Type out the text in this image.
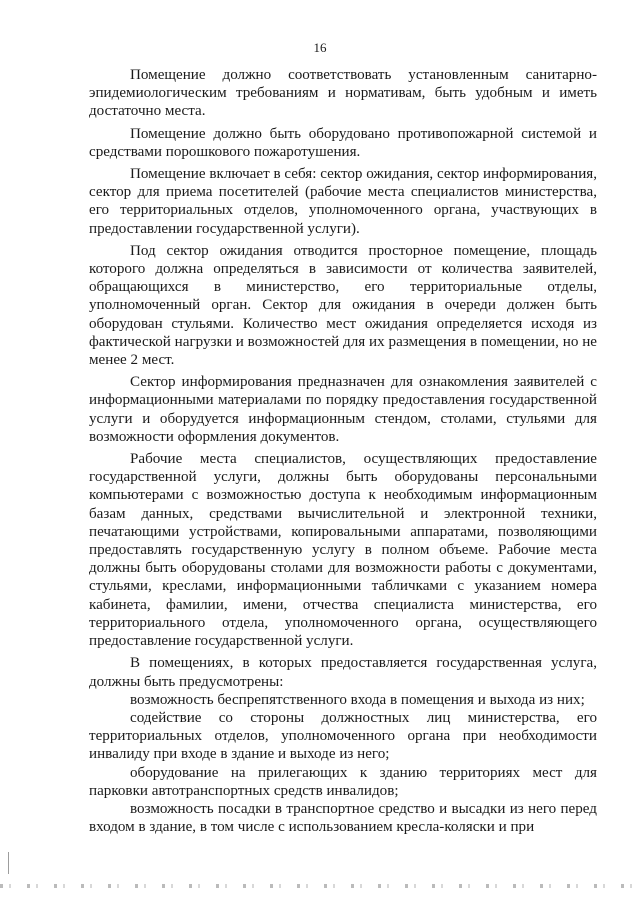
16

Помещение должно соответствовать установленным санитарно-эпидемиологическим требованиям и нормативам, быть удобным и иметь достаточно места.

Помещение должно быть оборудовано противопожарной системой и средствами порошкового пожаротушения.

Помещение включает в себя: сектор ожидания, сектор информирования, сектор для приема посетителей (рабочие места специалистов министерства, его территориальных отделов, уполномоченного органа, участвующих в предоставлении государственной услуги).

Под сектор ожидания отводится просторное помещение, площадь которого должна определяться в зависимости от количества заявителей, обращающихся в министерство, его территориальные отделы, уполномоченный орган. Сектор для ожидания в очереди должен быть оборудован стульями. Количество мест ожидания определяется исходя из фактической нагрузки и возможностей для их размещения в помещении, но не менее 2 мест.

Сектор информирования предназначен для ознакомления заявителей с информационными материалами по порядку предоставления государственной услуги и оборудуется информационным стендом, столами, стульями для возможности оформления документов.

Рабочие места специалистов, осуществляющих предоставление государственной услуги, должны быть оборудованы персональными компьютерами с возможностью доступа к необходимым информационным базам данных, средствами вычислительной и электронной техники, печатающими устройствами, копировальными аппаратами, позволяющими предоставлять государственную услугу в полном объеме. Рабочие места должны быть оборудованы столами для возможности работы с документами, стульями, креслами, информационными табличками с указанием номера кабинета, фамилии, имени, отчества специалиста министерства, его территориального отдела, уполномоченного органа, осуществляющего предоставление государственной услуги.

В помещениях, в которых предоставляется государственная услуга, должны быть предусмотрены:

возможность беспрепятственного входа в помещения и выхода из них;

содействие со стороны должностных лиц министерства, его территориальных отделов, уполномоченного органа при необходимости инвалиду при входе в здание и выходе из него;

оборудование на прилегающих к зданию территориях мест для парковки автотранспортных средств инвалидов;

возможность посадки в транспортное средство и высадки из него перед входом в здание, в том числе с использованием кресла-коляски и при
